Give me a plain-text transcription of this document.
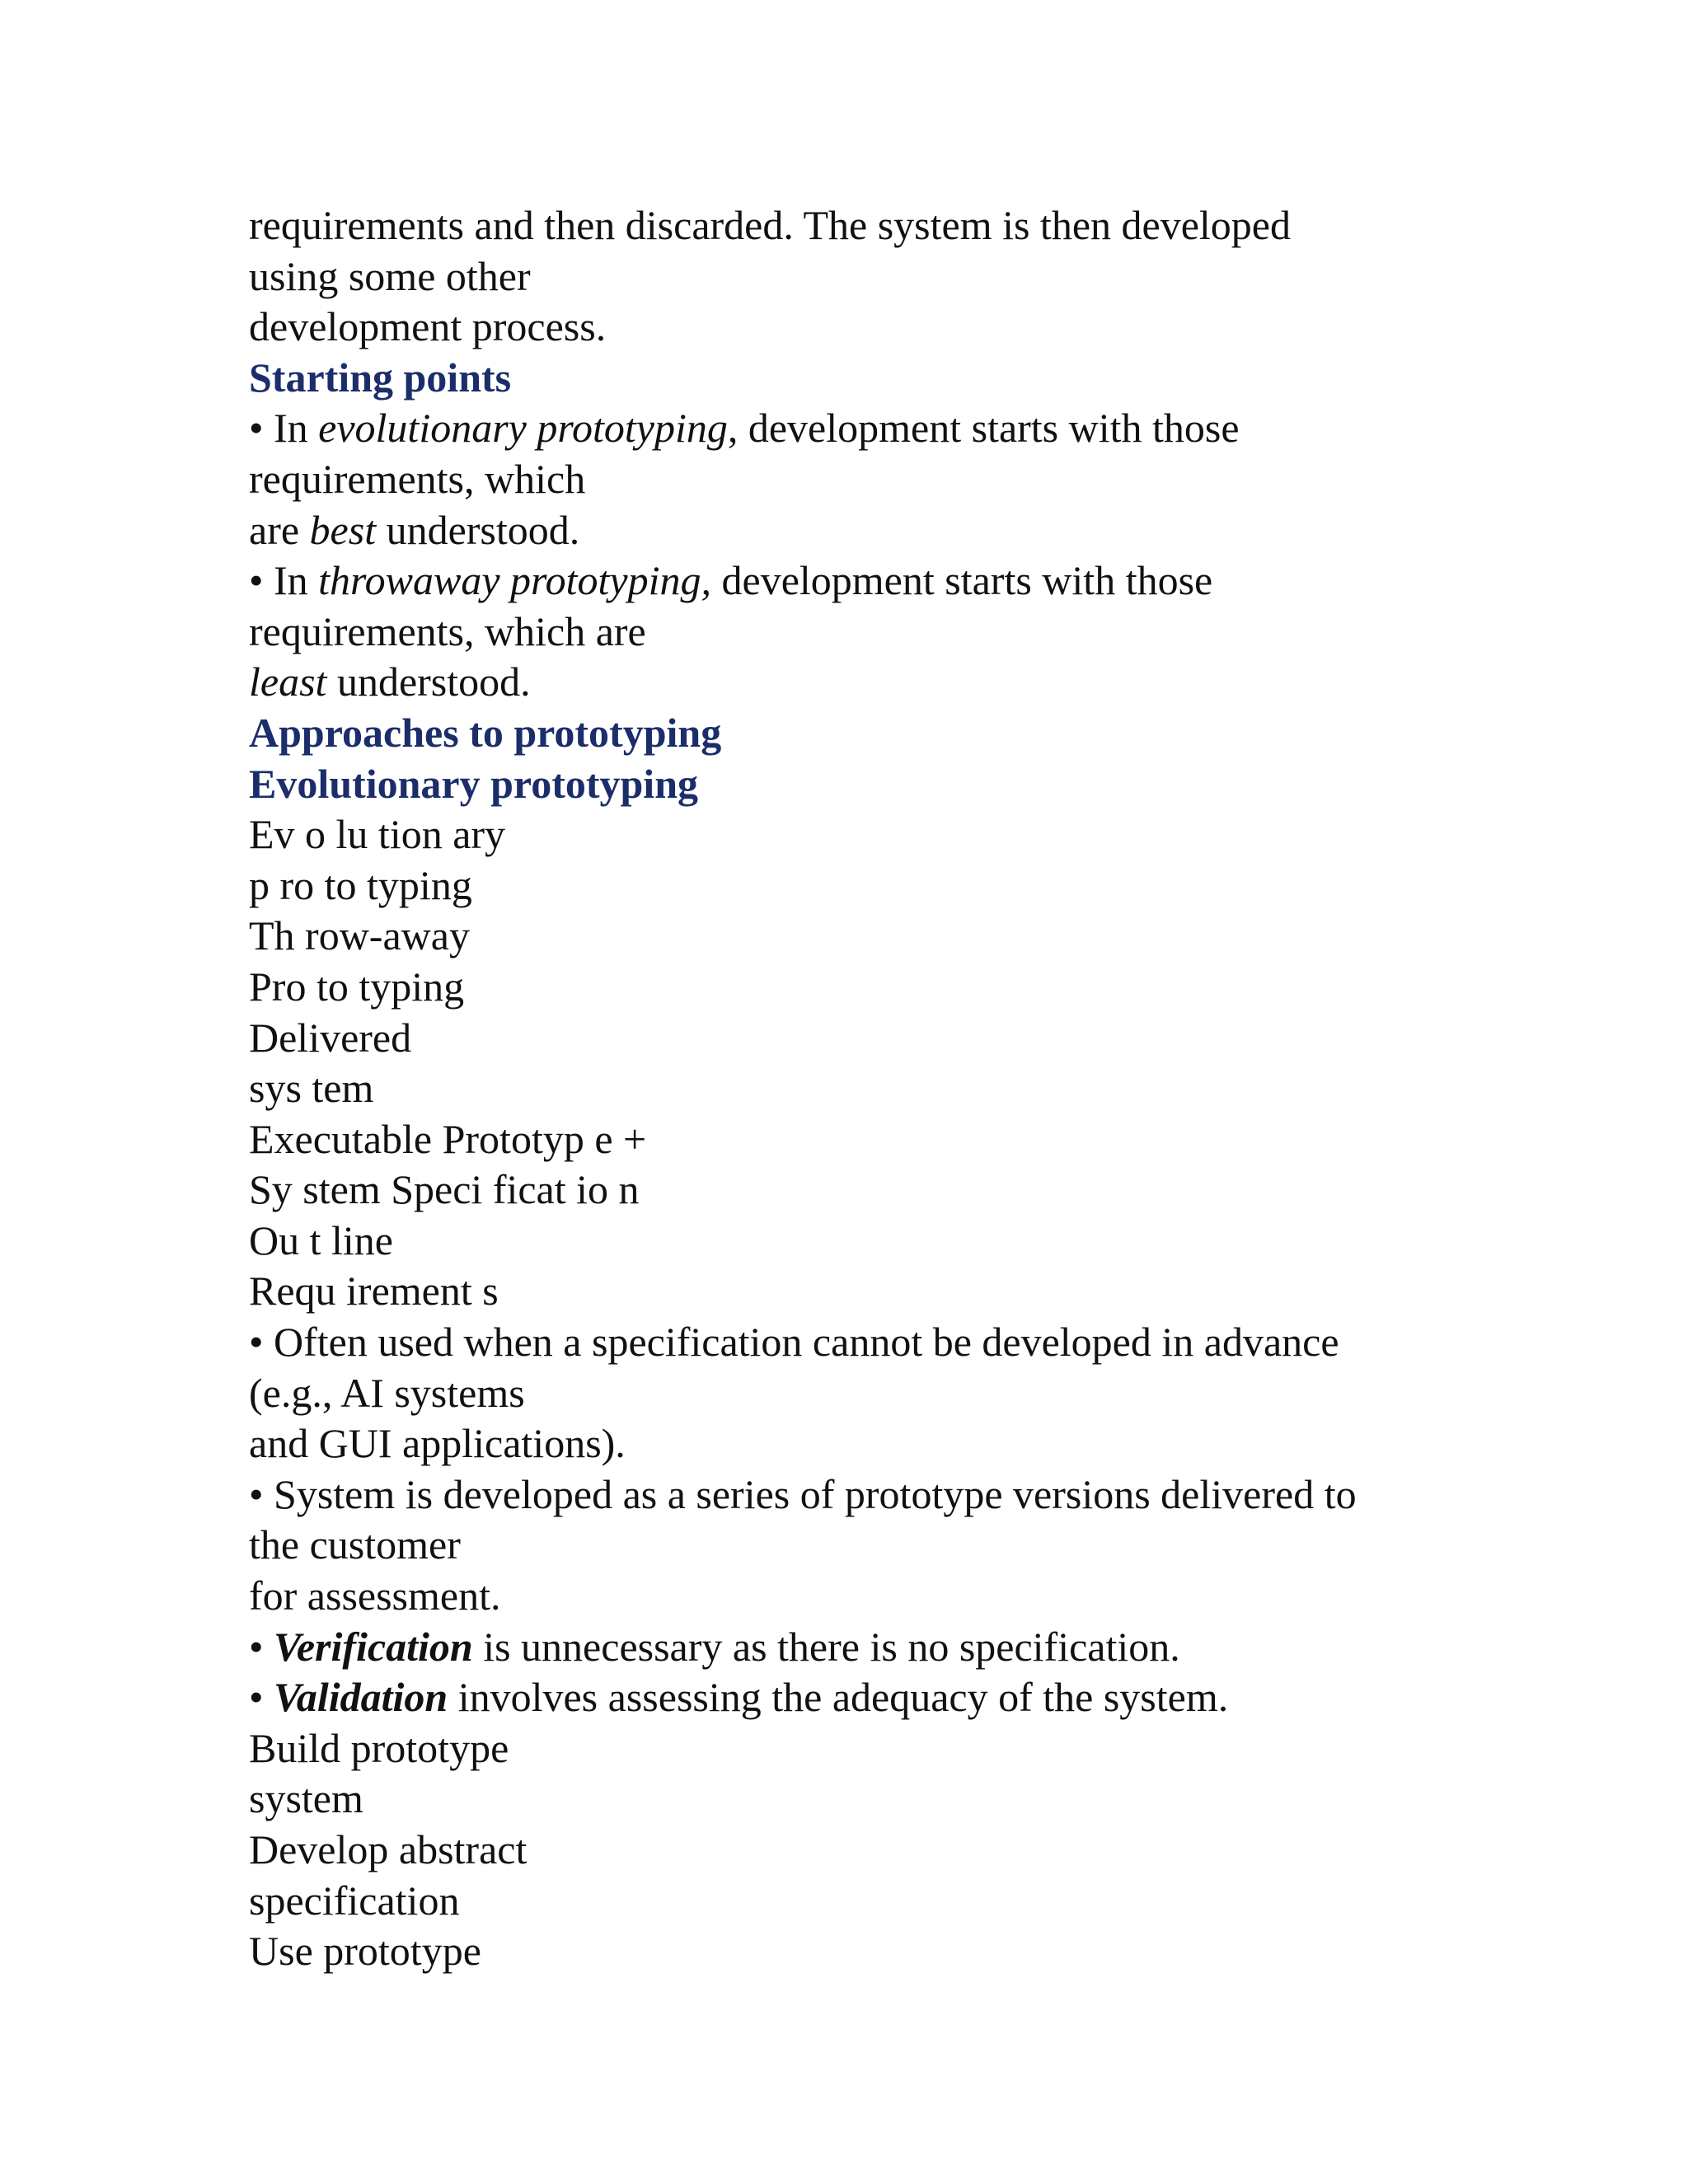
requirements and then discarded. The system is then developed
using some other
development process.
Starting points
• In evolutionary prototyping, development starts with those
requirements, which
are best understood.
• In throwaway prototyping, development starts with those
requirements, which are
least understood.
Approaches to prototyping
Evolutionary prototyping
Ev o lu tion ary
p ro to typing
Th row-away
Pro to typing
Delivered
sys tem
Executable Prototyp e +
Sy stem Speci ficat io n
Ou t line
Requ irement s
• Often used when a specification cannot be developed in advance
(e.g., AI systems
and GUI applications).
• System is developed as a series of prototype versions delivered to
the customer
for assessment.
• Verification is unnecessary as there is no specification.
• Validation involves assessing the adequacy of the system.
Build prototype
system
Develop abstract
specification
Use prototype
